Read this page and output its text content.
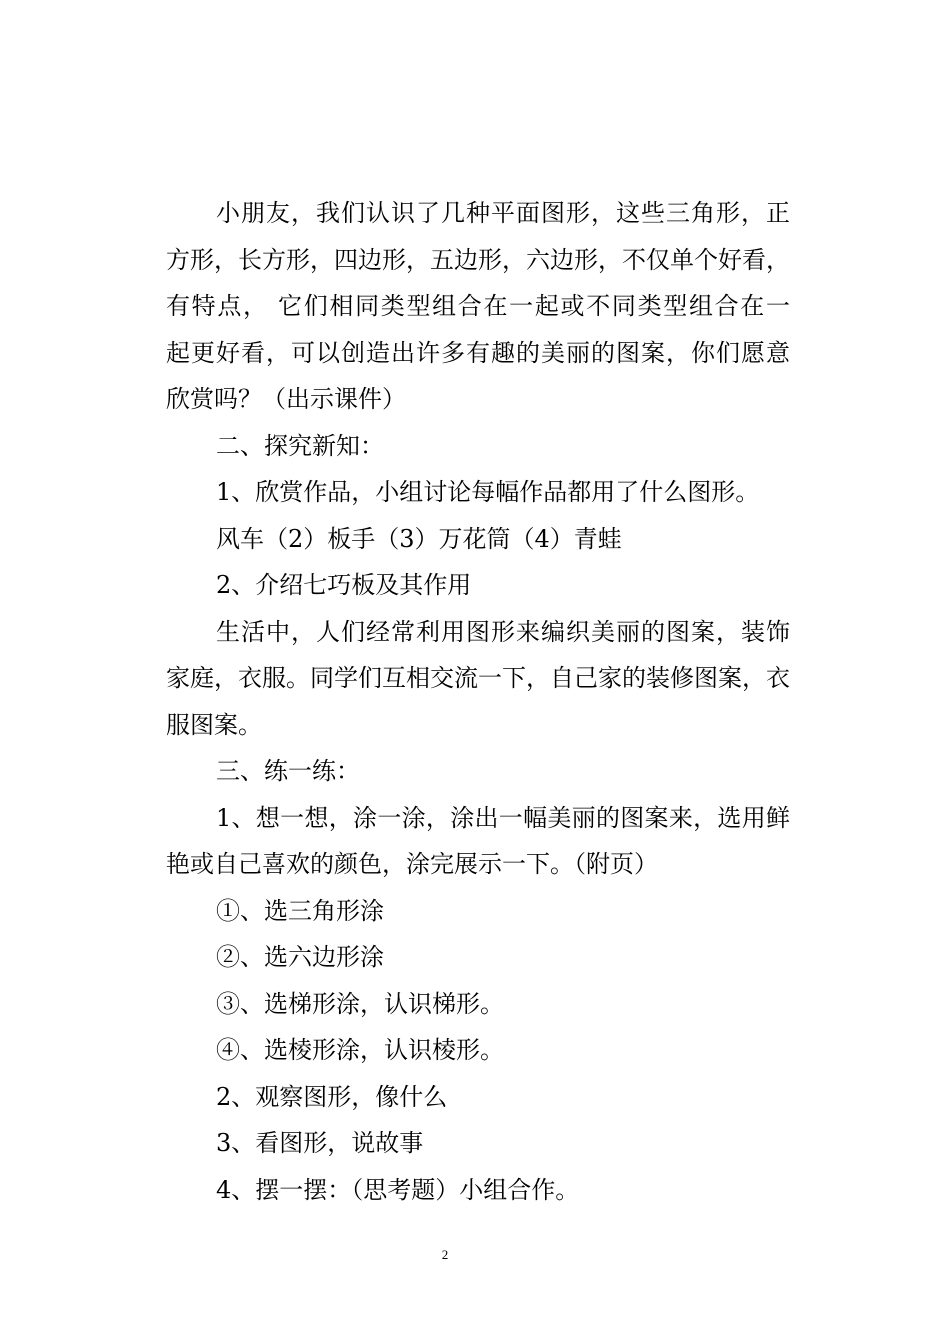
小朋友，我们认识了几种平面图形，这些三角形，正
方形，长方形，四边形，五边形，六边形，不仅单个好看，
有特点， 它们相同类型组合在一起或不同类型组合在一
起更好看，可以创造出许多有趣的美丽的图案，你们愿意
欣赏吗？（出示课件）
二、探究新知：
1、欣赏作品，小组讨论每幅作品都用了什么图形。
风车（2）板手（3）万花筒（4）青蛙
2、介绍七巧板及其作用
生活中，人们经常利用图形来编织美丽的图案，装饰
家庭，衣服。同学们互相交流一下，自己家的装修图案，衣
服图案。
三、练一练：
1、想一想，涂一涂，涂出一幅美丽的图案来，选用鲜
艳或自己喜欢的颜色，涂完展示一下。（附页）
①、选三角形涂
②、选六边形涂
③、选梯形涂，认识梯形。
④、选棱形涂，认识棱形。
2、观察图形，像什么
3、看图形，说故事
4、摆一摆：（思考题）小组合作。
2
